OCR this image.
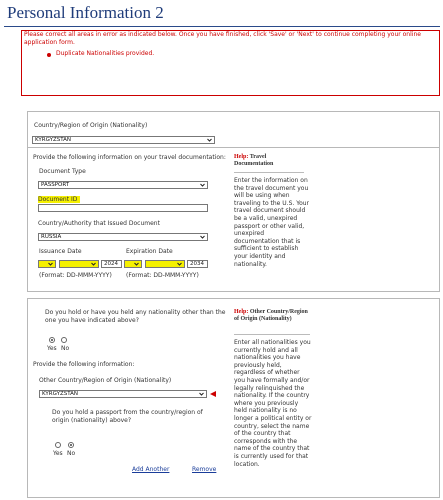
Personal Information 2
Please correct all areas in error as indicated below. Once you have finished, click 'Save' or 'Next' to continue completing your online application form.
Duplicate Nationalities provided.
Country/Region of Origin (Nationality)
KYRGYZSTAN
Provide the following information on your travel documentation:
Document Type
PASSPORT
Document ID
Country/Authority that Issued Document
RUSSIA
Issuance Date	Expiration Date
2024	2034
(Format: DD-MMM-YYYY) (Format: DD-MMM-YYYY)
Help: Travel Documentation
Enter the information on the travel document you will be using when traveling to the U.S. Your travel document should be a valid, unexpired passport or other valid, unexpired documentation that is sufficient to establish your identity and nationality.
Do you hold or have you held any nationality other than the one you have indicated above?
Yes No
Provide the following information:
Other Country/Region of Origin (Nationality)
KYRGYZSTAN
Do you hold a passport from the country/region of origin (nationality) above?
Yes No
Add Another	Remove
Help: Other Country/Region of Origin (Nationality)
Enter all nationalities you currently hold and all nationalities you have previously held, regardless of whether you have formally and/or legally relinquished the nationality. If the country where you previously held nationality is no longer a political entity or country, select the name of the country that corresponds with the name of the country that is currently used for that location.
